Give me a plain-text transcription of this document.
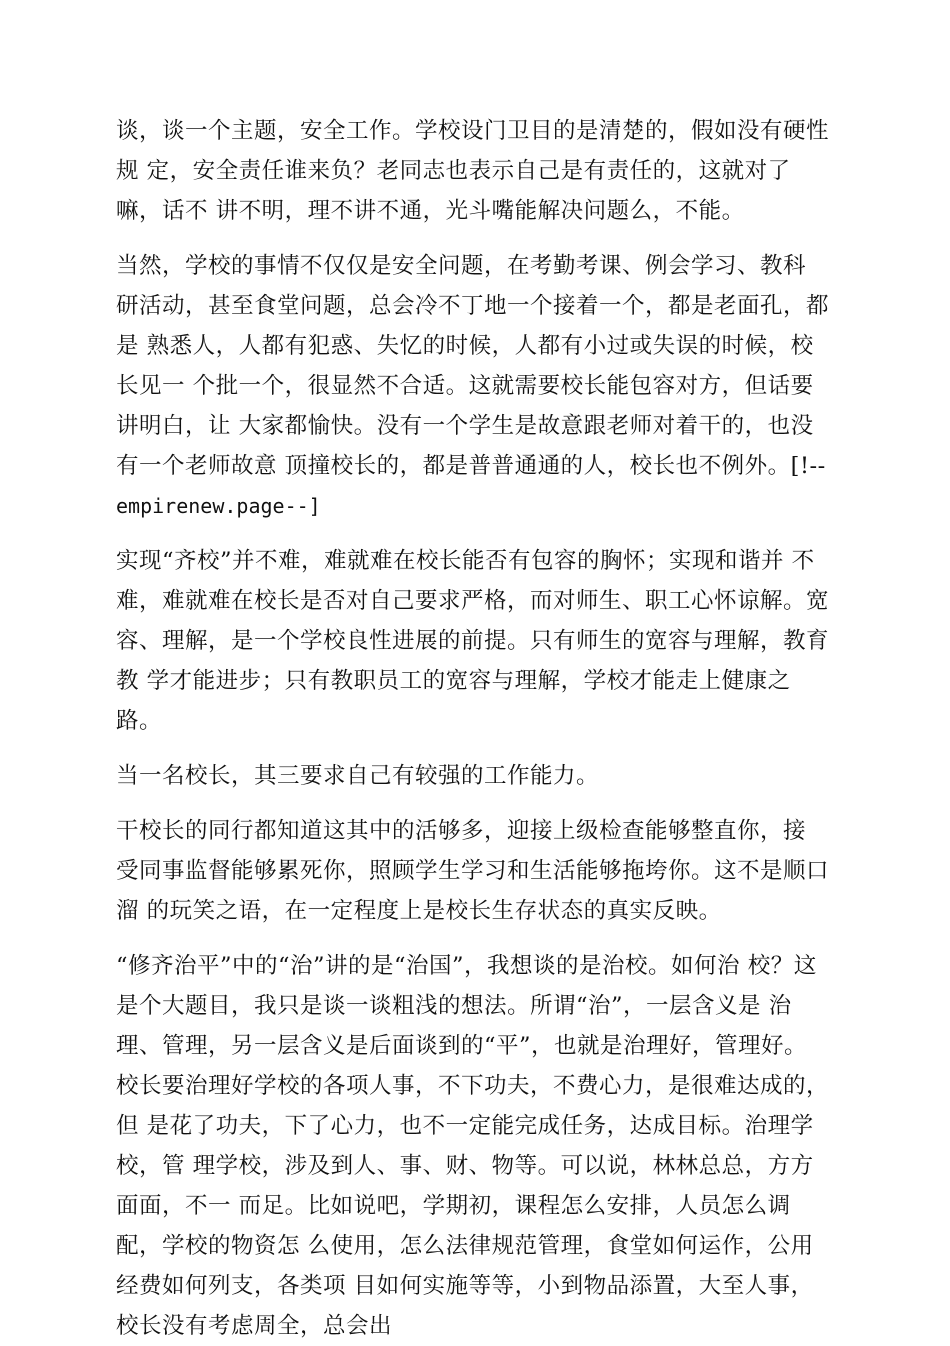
谈，谈一个主题，安全工作。学校设门卫目的是清楚的，假如没有硬性规 定，安全责任谁来负？老同志也表示自己是有责任的，这就对了嘛，话不 讲不明，理不讲不通，光斗嘴能解决问题么，不能。

当然，学校的事情不仅仅是安全问题，在考勤考课、例会学习、教科 研活动，甚至食堂问题，总会冷不丁地一个接着一个，都是老面孔，都是 熟悉人，人都有犯惑、失忆的时候，人都有小过或失误的时候，校长见一 个批一个，很显然不合适。这就需要校长能包容对方，但话要讲明白，让 大家都愉快。没有一个学生是故意跟老师对着干的，也没有一个老师故意 顶撞校长的，都是普普通通的人，校长也不例外。[!-- empirenew.page--]

实现“齐校”并不难，难就难在校长能否有包容的胸怀；实现和谐并 不难，难就难在校长是否对自己要求严格，而对师生、职工心怀谅解。宽 容、理解，是一个学校良性进展的前提。只有师生的宽容与理解，教育教 学才能进步；只有教职员工的宽容与理解，学校才能走上健康之路。

当一名校长，其三要求自己有较强的工作能力。

干校长的同行都知道这其中的活够多，迎接上级检查能够整直你，接 受同事监督能够累死你，照顾学生学习和生活能够拖垮你。这不是顺口溜 的玩笑之语，在一定程度上是校长生存状态的真实反映。

“修齐治平”中的“治”讲的是“治国”，我想谈的是治校。如何治 校？这是个大题目，我只是谈一谈粗浅的想法。所谓“治”，一层含义是 治理、管理，另一层含义是后面谈到的“平”，也就是治理好，管理好。 校长要治理好学校的各项人事，不下功夫，不费心力，是很难达成的，但 是花了功夫，下了心力，也不一定能完成任务，达成目标。治理学校，管 理学校，涉及到人、事、财、物等。可以说，林林总总，方方面面，不一 而足。比如说吧，学期初，课程怎么安排，人员怎么调配，学校的物资怎 么使用，怎么法律规范管理，食堂如何运作，公用经费如何列支，各类项 目如何实施等等，小到物品添置，大至人事，校长没有考虑周全，总会出
